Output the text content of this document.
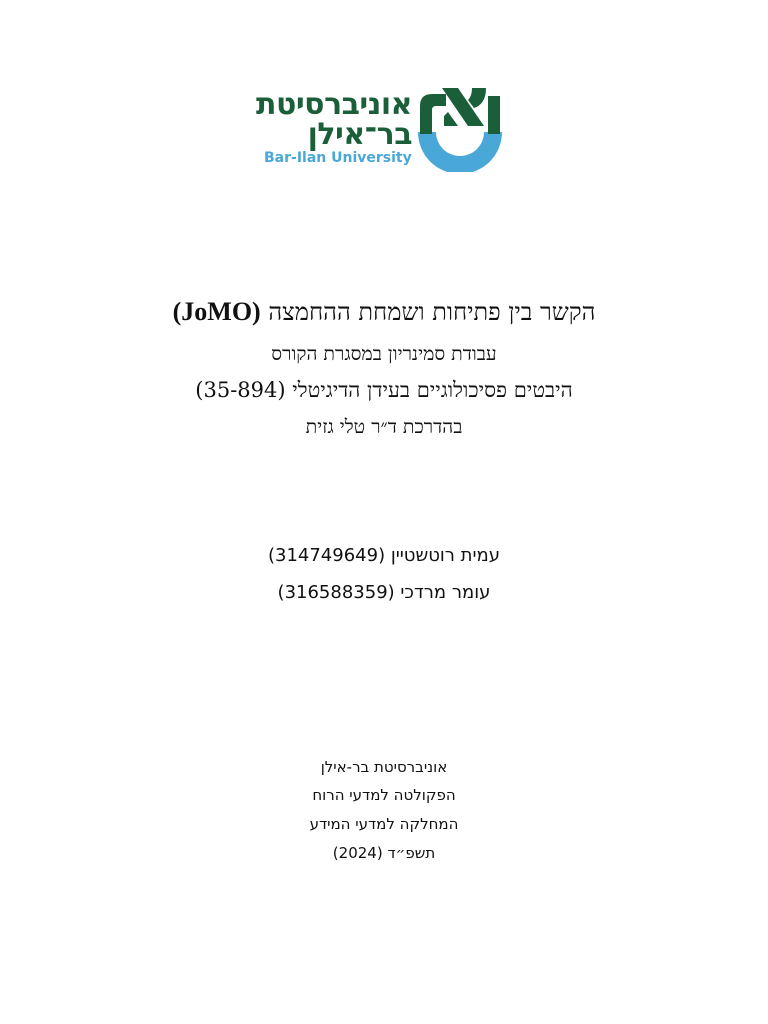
אוניברסיטת
בר־אילן
Bar-Ilan University
הקשר בין פתיחות ושמחת ההחמצה (JoMO)
עבודת סמינריון במסגרת הקורס
היבטים פסיכולוגיים בעידן הדיגיטלי (35-894)
בהדרכת ד״ר טלי גזית
עמית רוטשטיין (314749649)
עומר מרדכי (316588359)
אוניברסיטת בר-אילן
הפקולטה למדעי הרוח
המחלקה למדעי המידע
תשפ״ד (2024)
